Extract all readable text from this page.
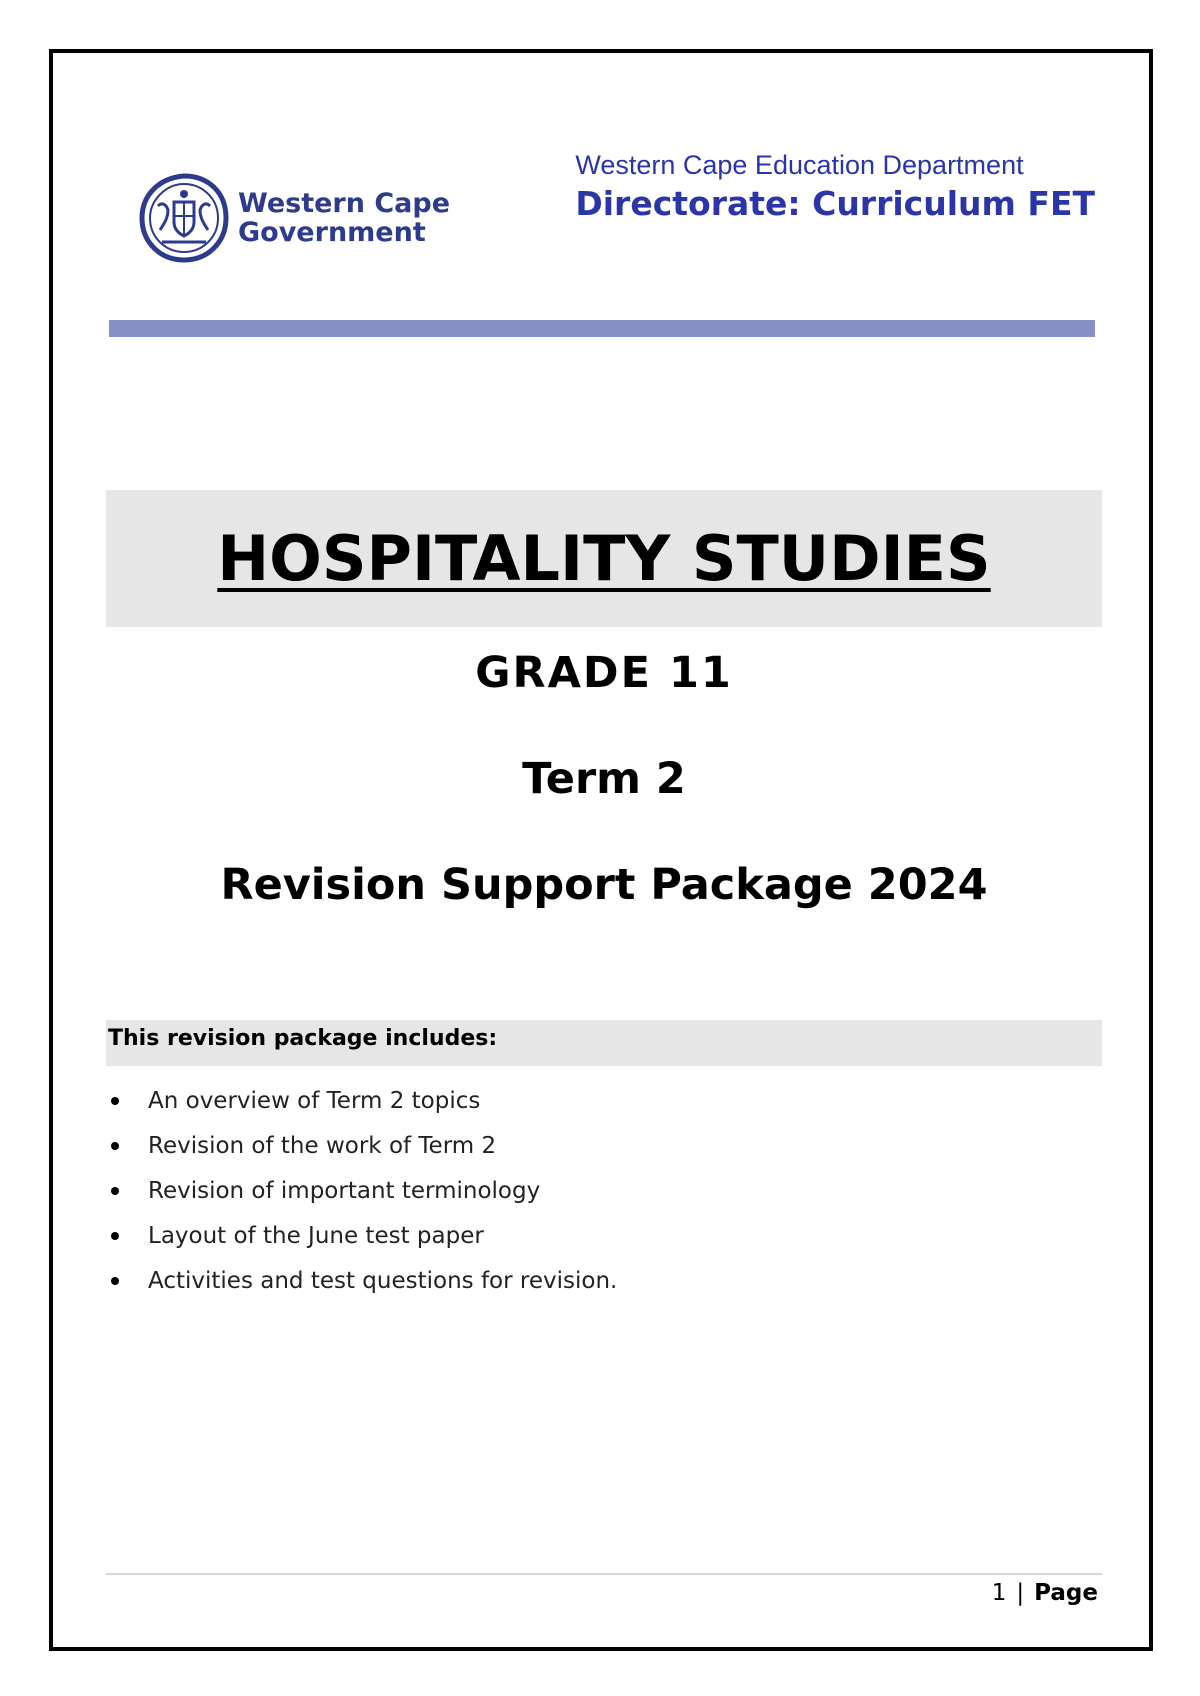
Western Cape
Government
Western Cape Education Department
Directorate: Curriculum FET
HOSPITALITY STUDIES
GRADE 11
Term 2
Revision Support Package 2024
This revision package includes:
An overview of Term 2 topics
Revision of the work of Term 2
Revision of important terminology
Layout of the June test paper
Activities and test questions for revision.
1 | Page
